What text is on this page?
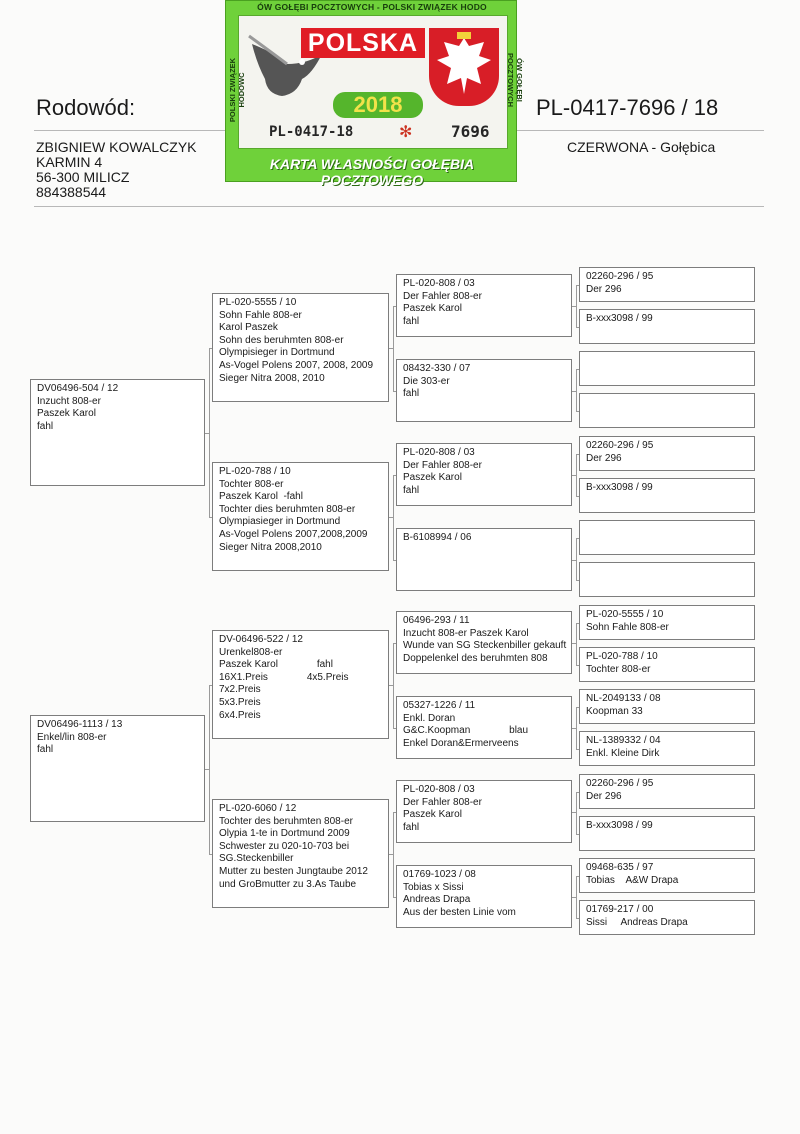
Rodowód:	PL-0417-7696 / 18
ZBIGNIEW KOWALCZYK
KARMIN 4
56-300 MILICZ
884388544
CZERWONA - Gołębica
ÓW GOŁĘBI POCZTOWYCH - POLSKI ZWIĄZEK HODO
POLSKA
2018
PL-0417-18	✻ 7696
POLSKI ZWIĄZEK HODOWC	ÓW GOŁĘBI POCZTOWYCH
KARTA WŁASNOŚCI GOŁĘBIA POCZTOWEGO
DV06496-504 / 12
Inzucht 808-er
Paszek Karol
fahl
DV06496-1113 / 13
Enkel/lin 808-er
fahl
PL-020-5555 / 10
Sohn Fahle 808-er
Karol Paszek
Sohn des beruhmten 808-er
Olympisieger in Dortmund
As-Vogel Polens 2007, 2008, 2009
Sieger Nitra 2008, 2010
PL-020-788 / 10
Tochter 808-er
Paszek Karol  -fahl
Tochter dies beruhmten 808-er
Olympiasieger in Dortmund
As-Vogel Polens 2007,2008,2009
Sieger Nitra 2008,2010
DV-06496-522 / 12
Urenkel808-er
Paszek Karol              fahl
16X1.Preis              4x5.Preis
7x2.Preis
5x3.Preis
6x4.Preis
PL-020-6060 / 12
Tochter des beruhmten 808-er
Olypia 1-te in Dortmund 2009
Schwester zu 020-10-703 bei
SG.Steckenbiller
Mutter zu besten Jungtaube 2012
und GroBmutter zu 3.As Taube
PL-020-808 / 03
Der Fahler 808-er
Paszek Karol
fahl
08432-330 / 07
Die 303-er
fahl
PL-020-808 / 03
Der Fahler 808-er
Paszek Karol
fahl
B-6108994 / 06
06496-293 / 11
Inzucht 808-er Paszek Karol
Wunde van SG Steckenbiller gekauft
Doppelenkel des beruhmten 808
05327-1226 / 11
Enkl. Doran
G&C.Koopman              blau
Enkel Doran&Ermerveens
PL-020-808 / 03
Der Fahler 808-er
Paszek Karol
fahl
01769-1023 / 08
Tobias x Sissi
Andreas Drapa
Aus der besten Linie vom
02260-296 / 95
Der 296
B-xxx3098 / 99
02260-296 / 95
Der 296
B-xxx3098 / 99
PL-020-5555 / 10
Sohn Fahle 808-er
PL-020-788 / 10
Tochter 808-er
NL-2049133 / 08
Koopman 33
NL-1389332 / 04
Enkl. Kleine Dirk
02260-296 / 95
Der 296
B-xxx3098 / 99
09468-635 / 97
Tobias    A&W Drapa
01769-217 / 00
Sissi     Andreas Drapa
